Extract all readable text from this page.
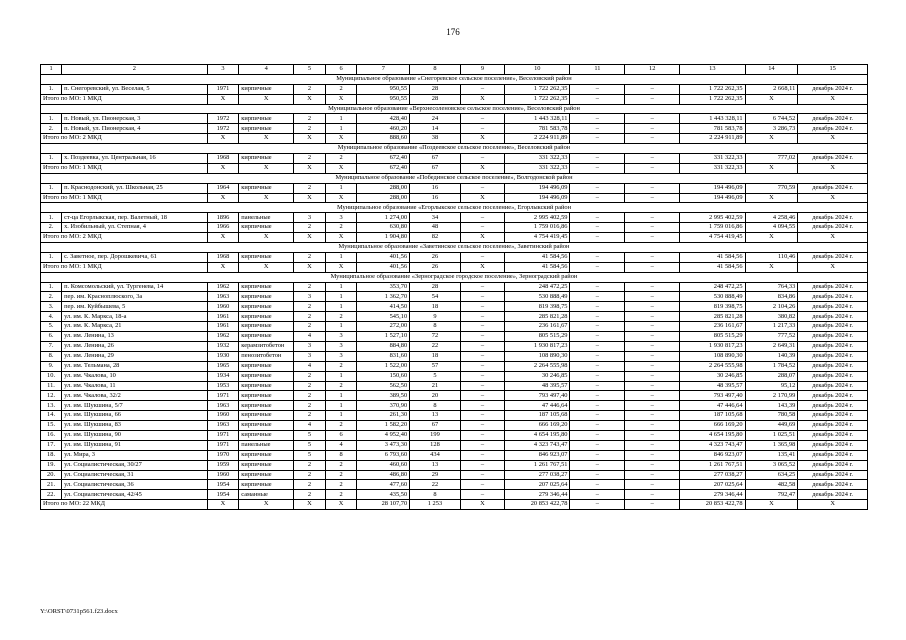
176
1	2	3	4	5	6	7	8	9	10	11	12	13	14	15
Муниципальное образование «Снегоревское сельское поселение», Веселовский район														
1.	п. Снегоревский, ул. Веселая, 5	1971	кирпичные	2	2	950,55	28	–	1 722 262,35	–	–	1 722 262,35	2 668,11	декабрь 2024 г.
Итого по МО: 1 МКД		Х	Х	Х	Х	950,55	28	Х	1 722 262,35	–	–	1 722 262,35	Х	Х
Муниципальное образование «Верхнесоленовское сельское поселение», Веселовский район														
1.	п. Новый, ул. Пионерская, 3	1972	кирпичные	2	1	428,40	24	–	1 443 328,11	–	–	1 443 328,11	6 744,52	декабрь 2024 г.
2.	п. Новый, ул. Пионерская, 4	1972	кирпичные	2	1	460,20	14	–	781 583,78	–	–	781 583,78	3 286,73	декабрь 2024 г.
Итого по МО: 2 МКД		Х	Х	Х	Х	888,60	38	Х	2 224 911,89	–	–	2 224 911,89	Х	Х
Муниципальное образование «Поздеевское сельское поселение», Веселовский район														
1.	х. Поздеевка, ул. Центральная, 16	1968	кирпичные	2	2	672,40	67	–	331 322,33	–	–	331 322,33	777,02	декабрь 2024 г.
Итого по МО: 1 МКД		Х	Х	Х	Х	672,40	67	Х	331 322,33	–	–	331 322,33	Х	Х
Муниципальное образование «Побединское сельское поселение», Волгодонской район														
1.	п. Краснодонский, ул. Школьная, 25	1964	кирпичные	2	1	288,00	16	–	194 496,09	–	–	194 496,09	770,59	декабрь 2024 г.
Итого по МО: 1 МКД		Х	Х	Х	Х	288,00	16	Х	194 496,09	–	–	194 496,09	Х	Х
Муниципальное образование «Егорлыкское сельское поселение», Егорлыкский район														
1.	ст-ца Егорлыкская, пер. Валетный, 18	1896	панельные	3	3	1 274,00	34	–	2 995 402,59	–	–	2 995 402,59	4 258,46	декабрь 2024 г.
2.	х. Изобильный, ул. Степная, 4	1966	кирпичные	2	2	630,80	48	–	1 759 016,86	–	–	1 759 016,86	4 094,55	декабрь 2024 г.
Итого по МО: 2 МКД		Х	Х	Х	Х	1 904,80	82	Х	4 754 419,45	–	–	4 754 419,45	Х	Х
Муниципальное образование «Заветинское сельское поселение», Заветинский район														
1.	с. Заветное, пер. Дорошкевича, 61	1968	кирпичные	2	1	401,56	26	–	41 584,56	–	–	41 584,56	110,46	декабрь 2024 г.
Итого по МО: 1 МКД		Х	Х	Х	Х	401,56	26	Х	41 584,56	–	–	41 584,56	Х	Х
Муниципальное образование «Зерноградское городское поселение», Зерноградский район														
1.	п. Комсомольский, ул. Тургенева, 14	1962	кирпичные	2	1	353,70	28	–	248 472,25	–	–	248 472,25	764,33	декабрь 2024 г.
2.	пер. им. Красноплюского, 3а	1963	кирпичные	3	1	1 362,70	54	–	530 888,49	–	–	530 888,49	834,86	декабрь 2024 г.
3.	пер. им. Куйбышева, 5	1960	кирпичные	2	1	414,50	18	–	819 398,75	–	–	819 398,75	2 104,26	декабрь 2024 г.
4.	ул. им. К. Маркса, 18-а	1961	кирпичные	2	2	545,10	9	–	285 821,28	–	–	285 821,28	380,82	декабрь 2024 г.
5.	ул. им. К. Маркса, 21	1961	кирпичные	2	1	272,00	8	–	236 161,67	–	–	236 161,67	1 217,33	декабрь 2024 г.
6.	ул. им. Ленина, 13	1962	кирпичные	4	3	1 527,10	72	–	805 515,29	–	–	805 515,29	777,52	декабрь 2024 г.
7.	ул. им. Ленина, 26	1932	керамзитобетон	3	3	884,80	22	–	1 930 817,23	–	–	1 930 817,23	2 649,31	декабрь 2024 г.
8.	ул. им. Ленина, 29	1930	пенозитобетон	3	3	831,60	18	–	108 890,30	–	–	108 890,30	140,39	декабрь 2024 г.
9.	ул. им. Тельмана, 28	1965	кирпичные	4	2	1 522,00	57	–	2 264 555,98	–	–	2 264 555,98	1 784,52	декабрь 2024 г.
10.	ул. им. Чкалова, 10	1934	кирпичные	2	1	150,60	5	–	30 246,85	–	–	30 246,85	288,07	декабрь 2024 г.
11.	ул. им. Чкалова, 11	1953	кирпичные	2	2	562,50	21	–	48 395,57	–	–	48 395,57	95,12	декабрь 2024 г.
12.	ул. им. Чкалова, 32/2	1971	кирпичные	2	1	389,50	20	–	793 497,40	–	–	793 497,40	2 170,99	декабрь 2024 г.
13.	ул. им. Шукшина, 5/7	1963	кирпичные	2	1	370,90	8	–	47 446,64	–	–	47 446,64	143,39	декабрь 2024 г.
14.	ул. им. Шукшина, 66	1960	кирпичные	2	1	261,30	13	–	187 105,68	–	–	187 105,68	780,58	декабрь 2024 г.
15.	ул. им. Шукшина, 83	1963	кирпичные	4	2	1 582,20	67	–	666 169,20	–	–	666 169,20	449,69	декабрь 2024 г.
16.	ул. им. Шукшина, 90	1971	кирпичные	5	6	4 952,40	199	–	4 654 195,80	–	–	4 654 195,80	1 025,51	декабрь 2024 г.
17.	ул. им. Шукшина, 91	1971	панельные	5	4	3 473,30	128	–	4 323 743,47	–	–	4 323 743,47	1 365,98	декабрь 2024 г.
18.	ул. Мира, 3	1970	кирпичные	5	8	6 793,60	434	–	846 923,07	–	–	846 923,07	135,41	декабрь 2024 г.
19.	ул. Социалистическая, 30/27	1959	кирпичные	2	2	460,60	13	–	1 261 767,51	–	–	1 261 767,51	3 065,52	декабрь 2024 г.
20.	ул. Социалистическая, 31	1960	кирпичные	2	2	486,80	29	–	277 038,27	–	–	277 038,27	634,25	декабрь 2024 г.
21.	ул. Социалистическая, 36	1954	кирпичные	2	2	477,60	22	–	207 025,64	–	–	207 025,64	482,58	декабрь 2024 г.
22.	ул. Социалистическая, 42/45	1954	саманные	2	2	435,50	8	–	279 346,44	–	–	279 346,44	792,47	декабрь 2024 г.
Итого по МО: 22 МКД		Х	Х	Х	Х	28 107,70	1 253	Х	20 853 422,78	–	–	20 853 422,78	Х	Х
Y:\ORST\0731p561.f23.docx
